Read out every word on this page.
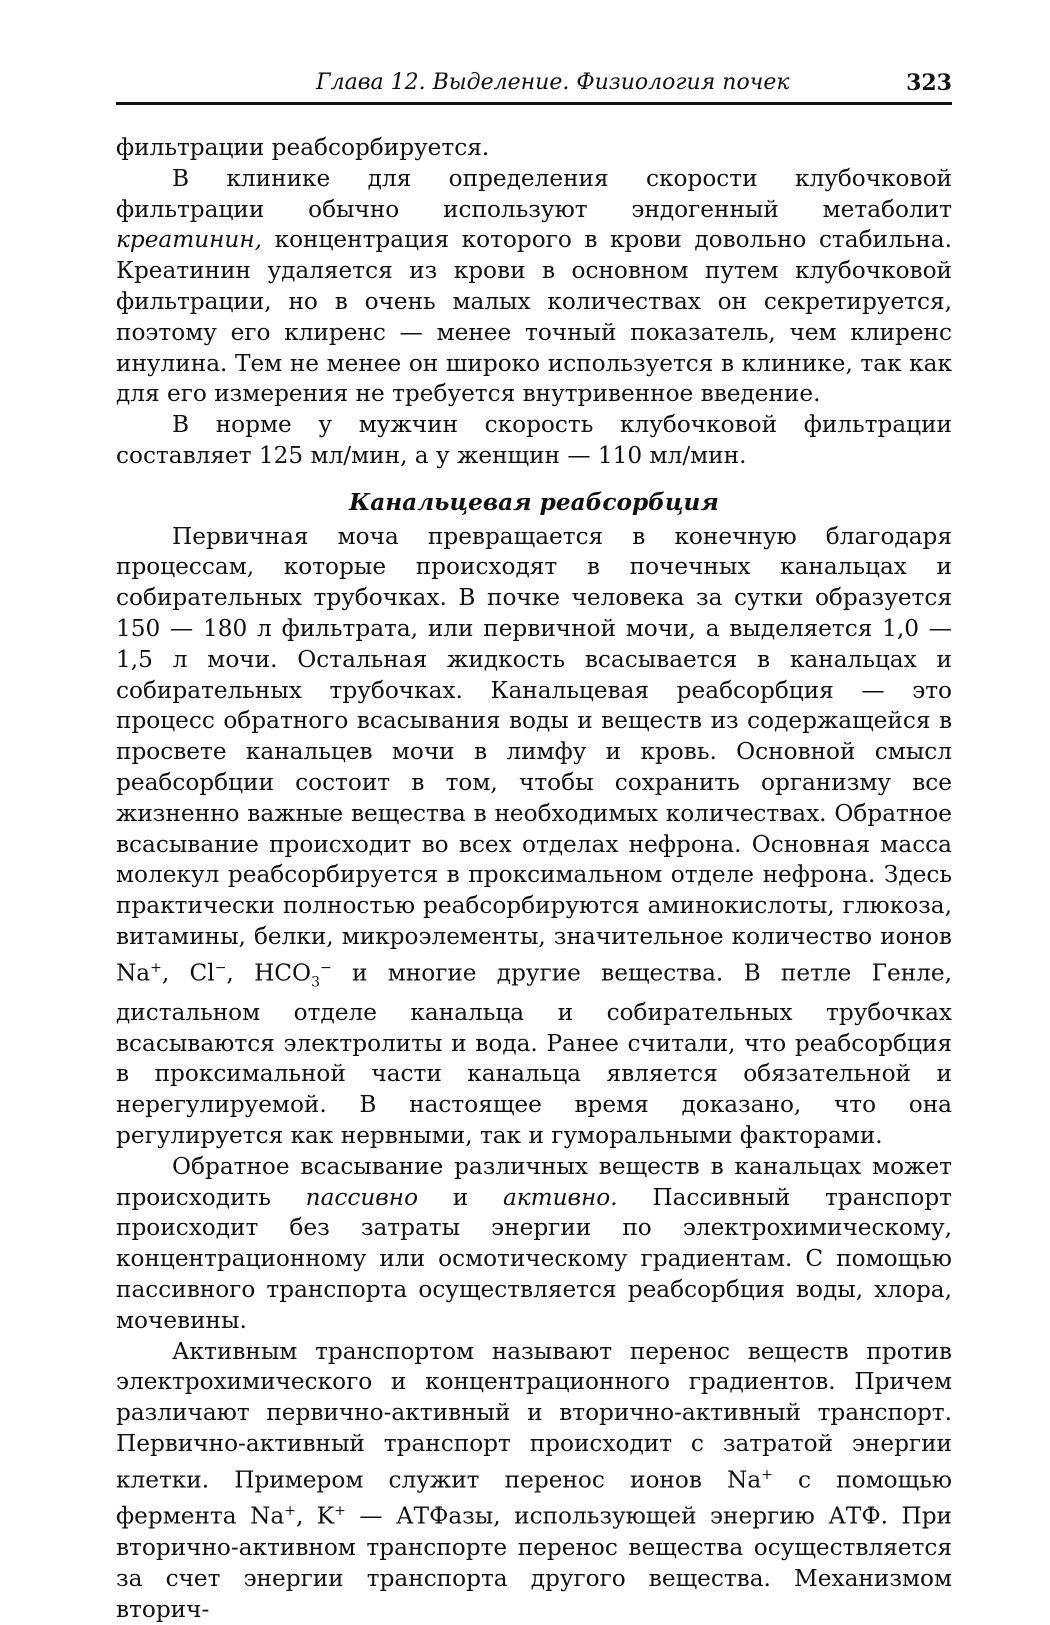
Глава 12. Выделение. Физиология почек	323

фильтрации реабсорбируется.

В клинике для определения скорости клубочковой фильтрации обычно используют эндогенный метаболит креатинин, концентрация которого в крови довольно стабильна. Креатинин удаляется из крови в основном путем клубочковой фильтрации, но в очень малых количествах он секретируется, поэтому его клиренс — менее точный показатель, чем клиренс инулина. Тем не менее он широко используется в клинике, так как для его измерения не требуется внутривенное введение.

В норме у мужчин скорость клубочковой фильтрации составляет 125 мл/мин, а у женщин — 110 мл/мин.

Канальцевая реабсорбция

Первичная моча превращается в конечную благодаря процессам, которые происходят в почечных канальцах и собирательных трубочках. В почке человека за сутки образуется 150 — 180 л фильтрата, или первичной мочи, а выделяется 1,0 — 1,5 л мочи. Остальная жидкость всасывается в канальцах и собирательных трубочках. Канальцевая реабсорбция — это процесс обратного всасывания воды и веществ из содержащейся в просвете канальцев мочи в лимфу и кровь. Основной смысл реабсорбции состоит в том, чтобы сохранить организму все жизненно важные вещества в необходимых количествах. Обратное всасывание происходит во всех отделах нефрона. Основная масса молекул реабсорбируется в проксимальном отделе нефрона. Здесь практически полностью реабсорбируются аминокислоты, глюкоза, витамины, белки, микроэлементы, значительное количество ионов Na+, Cl−, $HCO_3^-$ и многие другие вещества. В петле Генле, дистальном отделе канальца и собирательных трубочках всасываются электролиты и вода. Ранее считали, что реабсорбция в проксимальной части канальца является обязательной и нерегулируемой. В настоящее время доказано, что она регулируется как нервными, так и гуморальными факторами.

Обратное всасывание различных веществ в канальцах может происходить пассивно и активно. Пассивный транспорт происходит без затраты энергии по электрохимическому, концентрационному или осмотическому градиентам. С помощью пассивного транспорта осуществляется реабсорбция воды, хлора, мочевины.

Активным транспортом называют перенос веществ против электрохимического и концентрационного градиентов. Причем различают первично-активный и вторично-активный транспорт. Первично-активный транспорт происходит с затратой энергии клетки. Примером служит перенос ионов Na+ с помощью фермента Na+, K+ — АТФазы, использующей энергию АТФ. При вторично-активном транспорте перенос вещества осуществляется за счет энергии транспорта другого вещества. Механизмом вторич-
